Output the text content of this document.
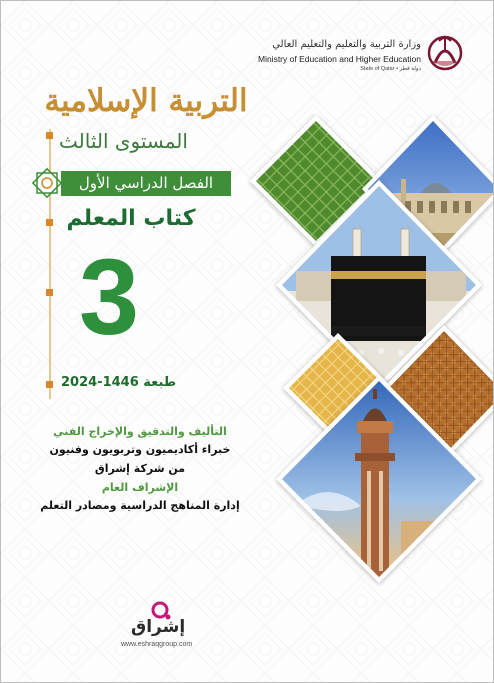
وزارة التربية والتعليم والتعليم العالي
Ministry of Education and Higher Education
State of Qatar • دولة قطر
التربية الإسلامية
المستوى الثالث
الفصل الدراسي الأول
كتاب المعلم
3
2024-1446 طبعة
التأليف والتدقيق والإخراج الفني
خبراء أكاديميون وتربويون وفنيون
من شركة إشراق
الإشراف العام
إدارة المناهج الدراسية ومصادر التعلم
إشراق
www.eshraqgroup.com
